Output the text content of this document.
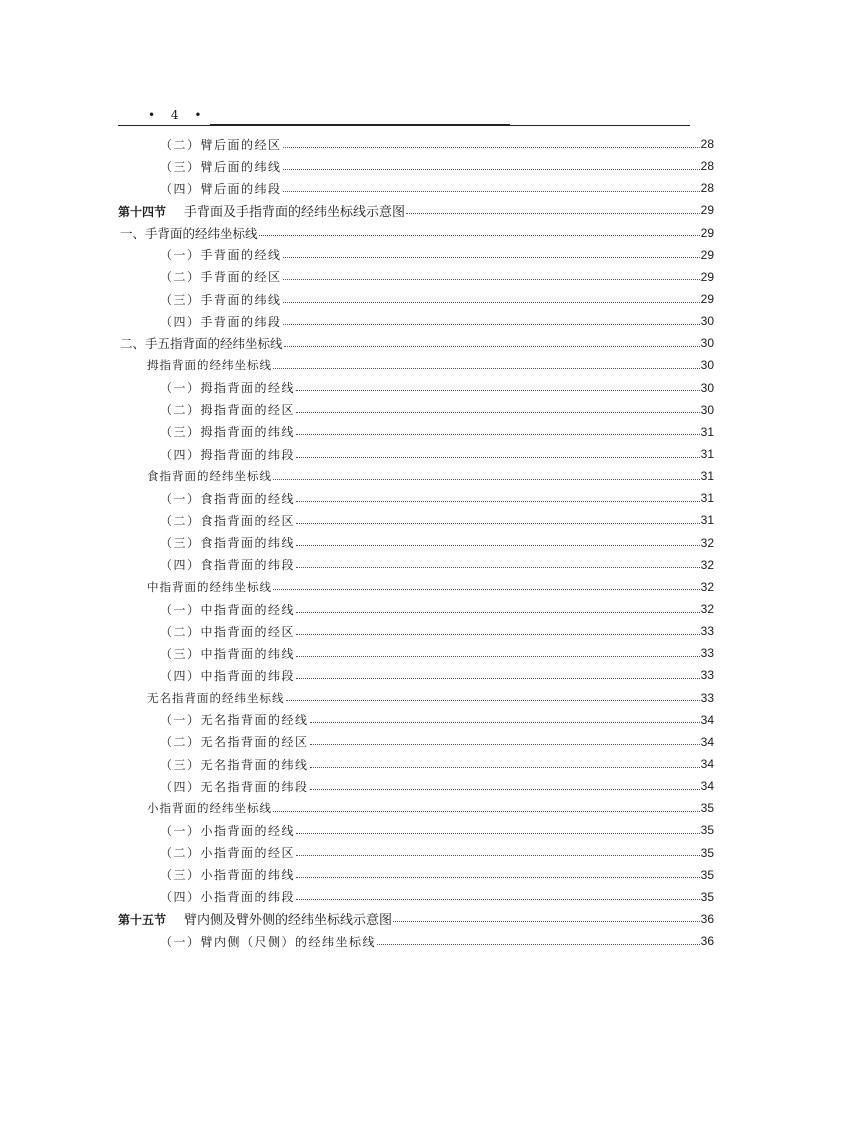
• 4 •
（二）臂后面的经区	28
（三）臂后面的纬线	28
（四）臂后面的纬段	28
第十四节 手背面及手指背面的经纬坐标线示意图	29
一、手背面的经纬坐标线	29
（一）手背面的经线	29
（二）手背面的经区	29
（三）手背面的纬线	29
（四）手背面的纬段	30
二、手五指背面的经纬坐标线	30
拇指背面的经纬坐标线	30
（一）拇指背面的经线	30
（二）拇指背面的经区	30
（三）拇指背面的纬线	31
（四）拇指背面的纬段	31
食指背面的经纬坐标线	31
（一）食指背面的经线	31
（二）食指背面的经区	31
（三）食指背面的纬线	32
（四）食指背面的纬段	32
中指背面的经纬坐标线	32
（一）中指背面的经线	32
（二）中指背面的经区	33
（三）中指背面的纬线	33
（四）中指背面的纬段	33
无名指背面的经纬坐标线	33
（一）无名指背面的经线	34
（二）无名指背面的经区	34
（三）无名指背面的纬线	34
（四）无名指背面的纬段	34
小指背面的经纬坐标线	35
（一）小指背面的经线	35
（二）小指背面的经区	35
（三）小指背面的纬线	35
（四）小指背面的纬段	35
第十五节 臂内侧及臂外侧的经纬坐标线示意图	36
（一）臂内侧（尺侧）的经纬坐标线	36
